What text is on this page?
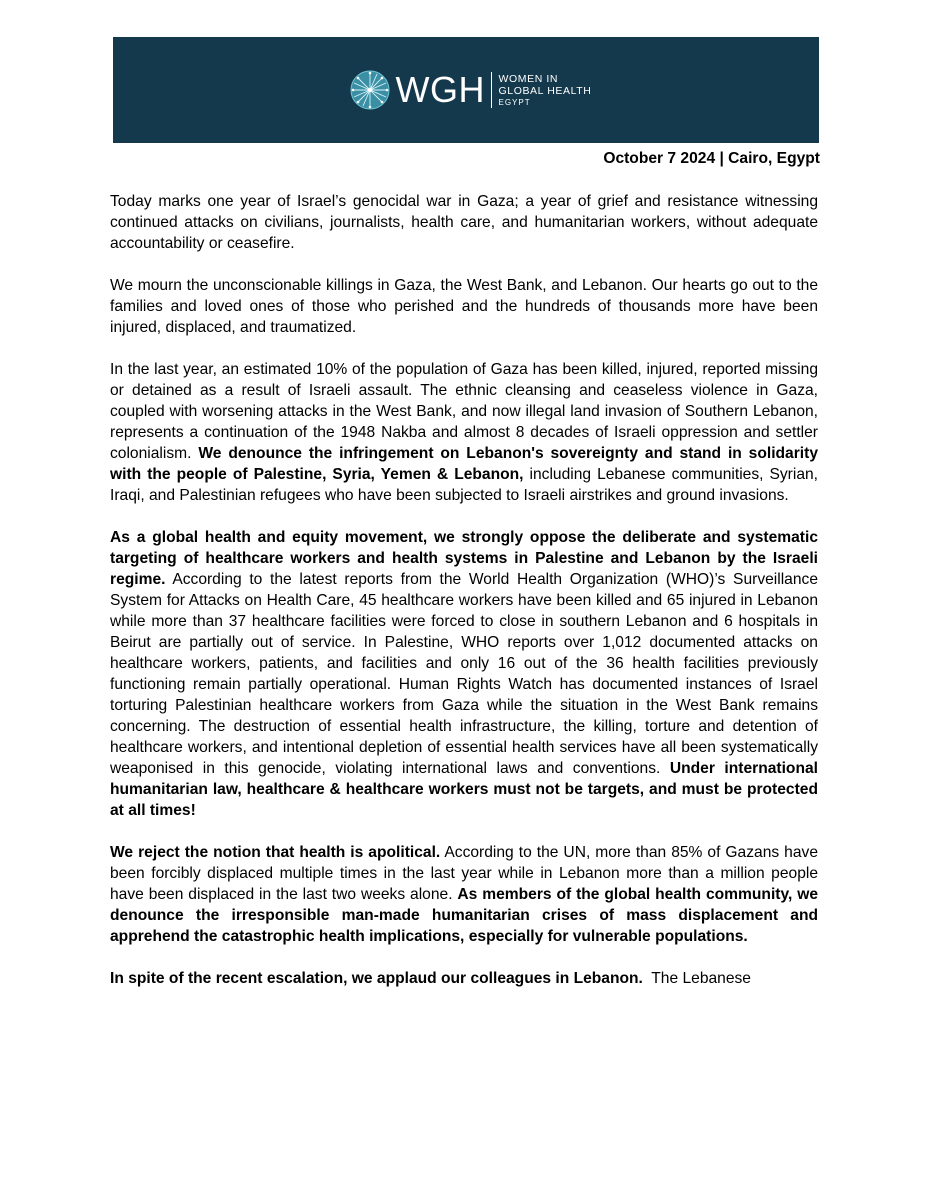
WGH WOMEN IN
GLOBAL HEALTH
EGYPT
October 7 2024 | Cairo, Egypt

Today marks one year of Israel’s genocidal war in Gaza; a year of grief and resistance witnessing continued attacks on civilians, journalists, health care, and humanitarian workers, without adequate accountability or ceasefire.

We mourn the unconscionable killings in Gaza, the West Bank, and Lebanon. Our hearts go out to the families and loved ones of those who perished and the hundreds of thousands more have been injured, displaced, and traumatized.

In the last year, an estimated 10% of the population of Gaza has been killed, injured, reported missing or detained as a result of Israeli assault. The ethnic cleansing and ceaseless violence in Gaza, coupled with worsening attacks in the West Bank, and now illegal land invasion of Southern Lebanon, represents a continuation of the 1948 Nakba and almost 8 decades of Israeli oppression and settler colonialism. We denounce the infringement on Lebanon's sovereignty and stand in solidarity with the people of Palestine, Syria, Yemen & Lebanon, including Lebanese communities, Syrian, Iraqi, and Palestinian refugees who have been subjected to Israeli airstrikes and ground invasions.

As a global health and equity movement, we strongly oppose the deliberate and systematic targeting of healthcare workers and health systems in Palestine and Lebanon by the Israeli regime. According to the latest reports from the World Health Organization (WHO)’s Surveillance System for Attacks on Health Care, 45 healthcare workers have been killed and 65 injured in Lebanon while more than 37 healthcare facilities were forced to close in southern Lebanon and 6 hospitals in Beirut are partially out of service. In Palestine, WHO reports over 1,012 documented attacks on healthcare workers, patients, and facilities and only 16 out of the 36 health facilities previously functioning remain partially operational. Human Rights Watch has documented instances of Israel torturing Palestinian healthcare workers from Gaza while the situation in the West Bank remains concerning. The destruction of essential health infrastructure, the killing, torture and detention of healthcare workers, and intentional depletion of essential health services have all been systematically weaponised in this genocide, violating international laws and conventions. Under international humanitarian law, healthcare & healthcare workers must not be targets, and must be protected at all times!

We reject the notion that health is apolitical. According to the UN, more than 85% of Gazans have been forcibly displaced multiple times in the last year while in Lebanon more than a million people have been displaced in the last two weeks alone. As members of the global health community, we denounce the irresponsible man-made humanitarian crises of mass displacement and apprehend the catastrophic health implications, especially for vulnerable populations.

In spite of the recent escalation, we applaud our colleagues in Lebanon.  The Lebanese
